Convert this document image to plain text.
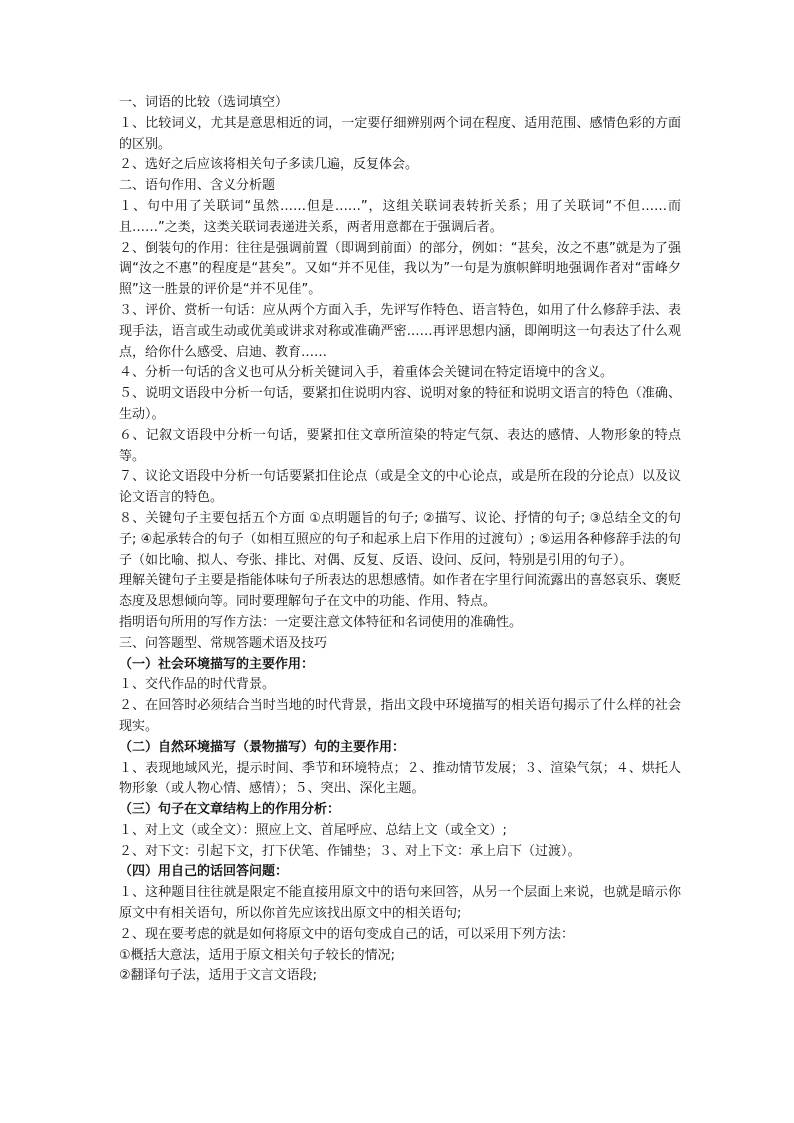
一、词语的比较（选词填空）

１、比较词义，尤其是意思相近的词，一定要仔细辨别两个词在程度、适用范围、感情色彩的方面的区别。

２、选好之后应该将相关句子多读几遍，反复体会。

二、语句作用、含义分析题

１、句中用了关联词“虽然……但是……”，这组关联词表转折关系；用了关联词“不但……而且……”之类，这类关联词表递进关系，两者用意都在于强调后者。

２、倒装句的作用：往往是强调前置（即调到前面）的部分，例如：“甚矣，汝之不惠”就是为了强调“汝之不惠”的程度是“甚矣”。又如“并不见佳，我以为”一句是为旗帜鲜明地强调作者对“雷峰夕照”这一胜景的评价是“并不见佳”。

３、评价、赏析一句话：应从两个方面入手，先评写作特色、语言特色，如用了什么修辞手法、表现手法，语言或生动或优美或讲求对称或准确严密……再评思想内涵，即阐明这一句表达了什么观点，给你什么感受、启迪、教育……

４、分析一句话的含义也可从分析关键词入手，着重体会关键词在特定语境中的含义。

５、说明文语段中分析一句话，要紧扣住说明内容、说明对象的特征和说明文语言的特色（准确、生动）。

６、记叙文语段中分析一句话，要紧扣住文章所渲染的特定气氛、表达的感情、人物形象的特点等。

７、议论文语段中分析一句话要紧扣住论点（或是全文的中心论点，或是所在段的分论点）以及议论文语言的特色。

８、关键句子主要包括五个方面 ①点明题旨的句子; ②描写、议论、抒情的句子; ③总结全文的句子; ④起承转合的句子（如相互照应的句子和起承上启下作用的过渡句）; ⑤运用各种修辞手法的句子（如比喻、拟人、夸张、排比、对偶、反复、反语、设问、反问，特别是引用的句子）。

理解关键句子主要是指能体味句子所表达的思想感情。如作者在字里行间流露出的喜怒哀乐、褒贬态度及思想倾向等。同时要理解句子在文中的功能、作用、特点。

指明语句所用的写作方法：一定要注意文体特征和名词使用的准确性。

三、问答题型、常规答题术语及技巧

（一）社会环境描写的主要作用：

１、交代作品的时代背景。

２、在回答时必须结合当时当地的时代背景，指出文段中环境描写的相关语句揭示了什么样的社会现实。

（二）自然环境描写（景物描写）句的主要作用：

１、表现地域风光，提示时间、季节和环境特点；２、推动情节发展；３、渲染气氛；４、烘托人物形象（或人物心情、感情）；５、突出、深化主题。

（三）句子在文章结构上的作用分析：

１、对上文（或全文）：照应上文、首尾呼应、总结上文（或全文）;

２、对下文：引起下文，打下伏笔、作铺垫；３、对上下文：承上启下（过渡）。

（四）用自己的话回答问题：

１、这种题目往往就是限定不能直接用原文中的语句来回答，从另一个层面上来说，也就是暗示你原文中有相关语句，所以你首先应该找出原文中的相关语句;

２、现在要考虑的就是如何将原文中的语句变成自己的话，可以采用下列方法：

①概括大意法，适用于原文相关句子较长的情况;

②翻译句子法，适用于文言文语段;
